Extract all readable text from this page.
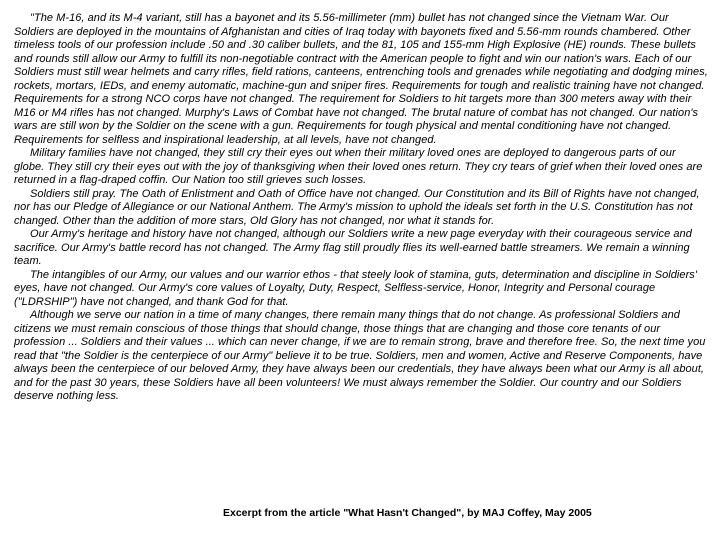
"The M-16, and its M-4 variant, still has a bayonet and its 5.56-millimeter (mm) bullet has not changed since the Vietnam War. Our Soldiers are deployed in the mountains of Afghanistan and cities of Iraq today with bayonets fixed and 5.56-mm rounds chambered. Other timeless tools of our profession include .50 and .30 caliber bullets, and the 81, 105 and 155-mm High Explosive (HE) rounds. These bullets and rounds still allow our Army to fulfill its non-negotiable contract with the American people to fight and win our nation's wars. Each of our Soldiers must still wear helmets and carry rifles, field rations, canteens, entrenching tools and grenades while negotiating and dodging mines, rockets, mortars, IEDs, and enemy automatic, machine-gun and sniper fires. Requirements for tough and realistic training have not changed. Requirements for a strong NCO corps have not changed. The requirement for Soldiers to hit targets more than 300 meters away with their M16 or M4 rifles has not changed. Murphy's Laws of Combat have not changed. The brutal nature of combat has not changed. Our nation's wars are still won by the Soldier on the scene with a gun. Requirements for tough physical and mental conditioning have not changed. Requirements for selfless and inspirational leadership, at all levels, have not changed.

Military families have not changed, they still cry their eyes out when their military loved ones are deployed to dangerous parts of our globe. They still cry their eyes out with the joy of thanksgiving when their loved ones return. They cry tears of grief when their loved ones are returned in a flag-draped coffin. Our Nation too still grieves such losses.

Soldiers still pray. The Oath of Enlistment and Oath of Office have not changed. Our Constitution and its Bill of Rights have not changed, nor has our Pledge of Allegiance or our National Anthem. The Army's mission to uphold the ideals set forth in the U.S. Constitution has not changed. Other than the addition of more stars, Old Glory has not changed, nor what it stands for.

Our Army's heritage and history have not changed, although our Soldiers write a new page everyday with their courageous service and sacrifice. Our Army's battle record has not changed. The Army flag still proudly flies its well-earned battle streamers. We remain a winning team.

The intangibles of our Army, our values and our warrior ethos - that steely look of stamina, guts, determination and discipline in Soldiers' eyes, have not changed. Our Army's core values of Loyalty, Duty, Respect, Selfless-service, Honor, Integrity and Personal courage ("LDRSHIP") have not changed, and thank God for that.

Although we serve our nation in a time of many changes, there remain many things that do not change. As professional Soldiers and citizens we must remain conscious of those things that should change, those things that are changing and those core tenants of our profession ... Soldiers and their values ... which can never change, if we are to remain strong, brave and therefore free. So, the next time you read that "the Soldier is the centerpiece of our Army" believe it to be true. Soldiers, men and women, Active and Reserve Components, have always been the centerpiece of our beloved Army, they have always been our credentials, they have always been what our Army is all about, and for the past 30 years, these Soldiers have all been volunteers! We must always remember the Soldier. Our country and our Soldiers deserve nothing less.

Excerpt from the article "What Hasn't Changed", by MAJ Coffey, May 2005
